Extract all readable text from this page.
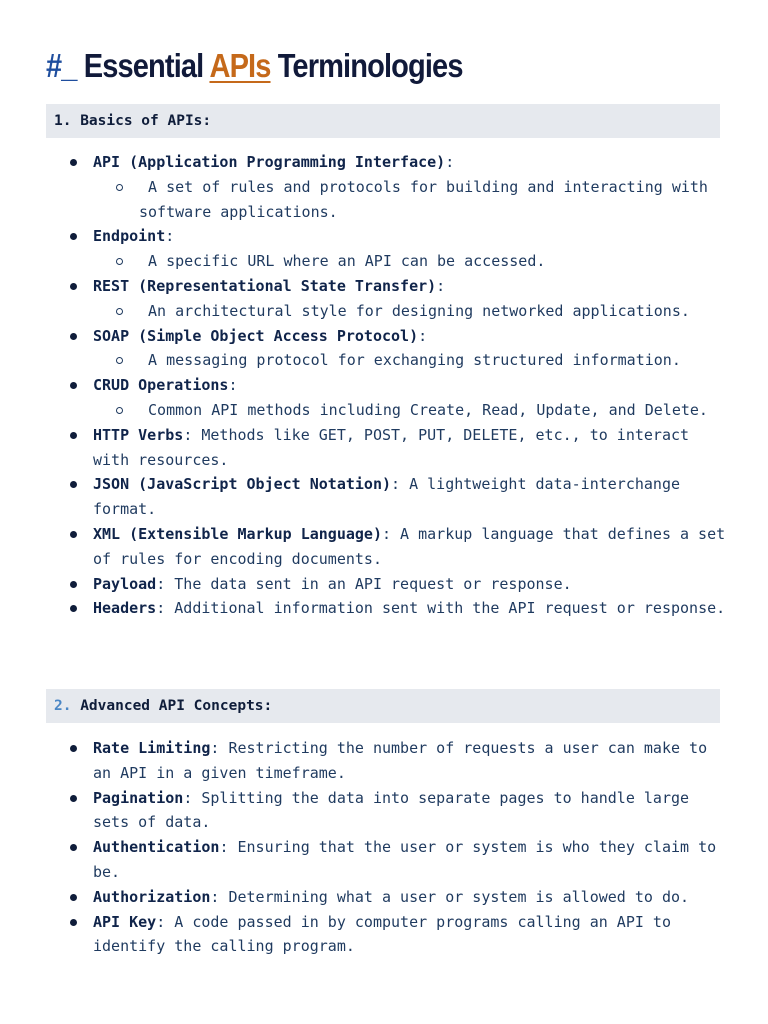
#_ Essential APIs Terminologies
1. Basics of APIs:
API (Application Programming Interface):
A set of rules and protocols for building and interacting with software applications.
Endpoint:
A specific URL where an API can be accessed.
REST (Representational State Transfer):
An architectural style for designing networked applications.
SOAP (Simple Object Access Protocol):
A messaging protocol for exchanging structured information.
CRUD Operations:
Common API methods including Create, Read, Update, and Delete.
HTTP Verbs: Methods like GET, POST, PUT, DELETE, etc., to interact with resources.
JSON (JavaScript Object Notation): A lightweight data-interchange format.
XML (Extensible Markup Language): A markup language that defines a set of rules for encoding documents.
Payload: The data sent in an API request or response.
Headers: Additional information sent with the API request or response.
2. Advanced API Concepts:
Rate Limiting: Restricting the number of requests a user can make to an API in a given timeframe.
Pagination: Splitting the data into separate pages to handle large sets of data.
Authentication: Ensuring that the user or system is who they claim to be.
Authorization: Determining what a user or system is allowed to do.
API Key: A code passed in by computer programs calling an API to identify the calling program.
